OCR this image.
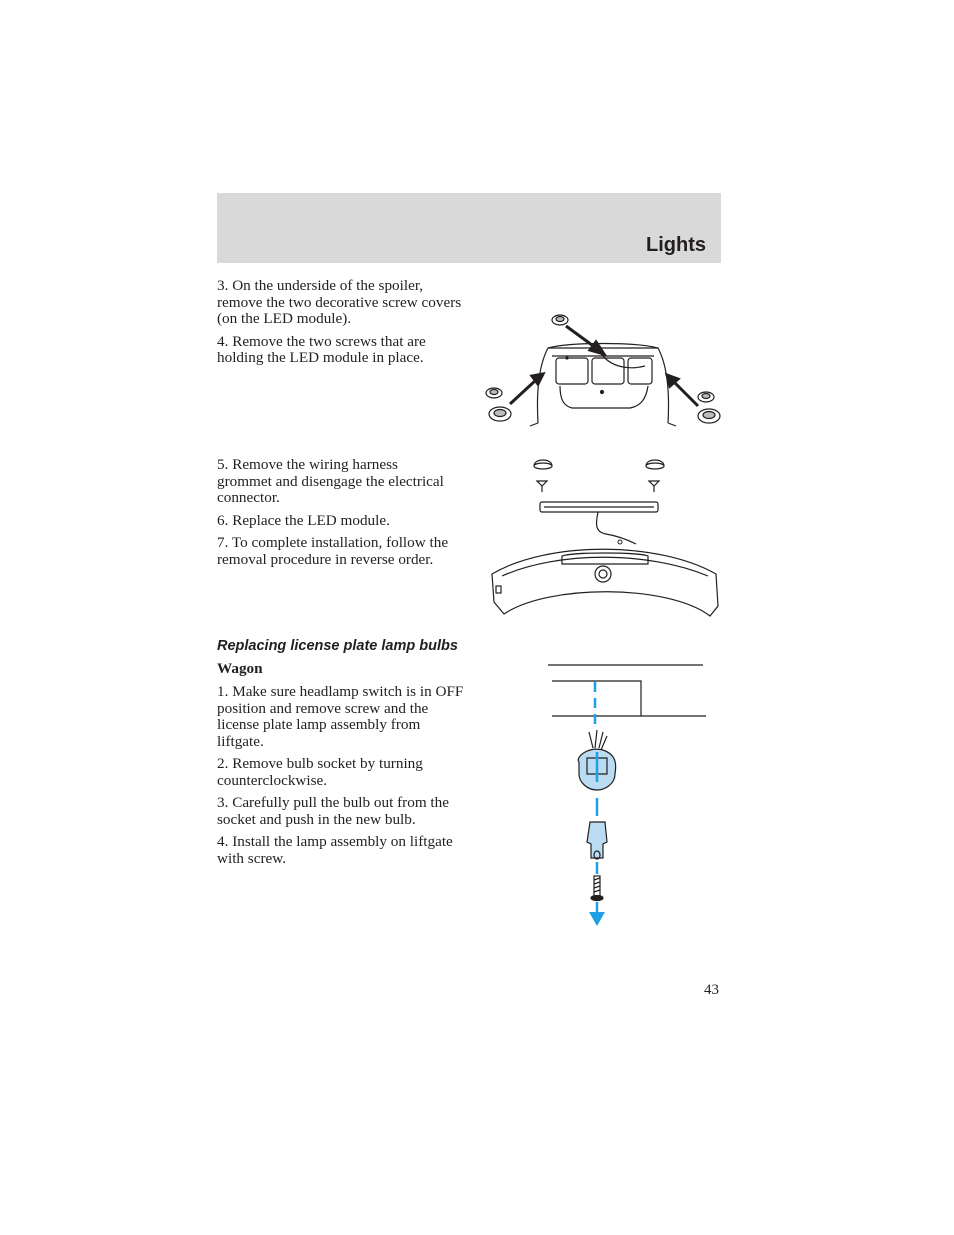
Lights

3. On the underside of the spoiler, remove the two decorative screw covers (on the LED module).

4. Remove the two screws that are holding the LED module in place.

5. Remove the wiring harness grommet and disengage the electrical connector.

6. Replace the LED module.

7. To complete installation, follow the removal procedure in reverse order.

Replacing license plate lamp bulbs
Wagon

1. Make sure headlamp switch is in OFF position and remove screw and the license plate lamp assembly from liftgate.

2. Remove bulb socket by turning counterclockwise.

3. Carefully pull the bulb out from the socket and push in the new bulb.

4. Install the lamp assembly on liftgate with screw.

43
